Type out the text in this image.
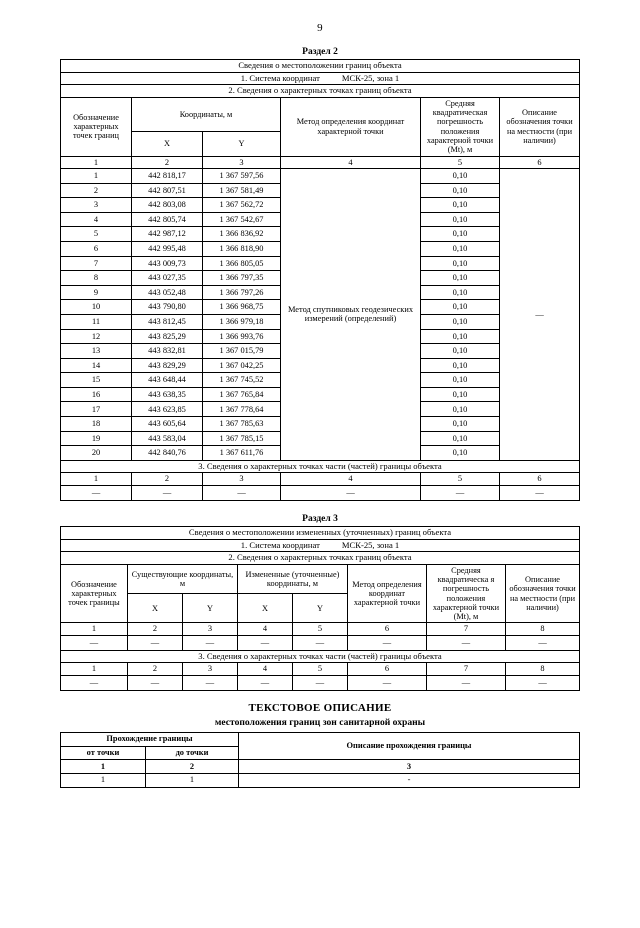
9
Раздел 2
Сведения о местоположении границ объекта					
1. Система координат МСК-25, зона 1					
2. Сведения о характерных точках границ объекта					
Обозначение характерных точек границ	Координаты, м		Метод определения координат характерной точки	Средняя квадратическая погрешность положения характерной точки (Мt), м	Описание обозначения точки на местности (при наличии)
	X	Y			
1	2	3	4	5	6
1	442 818,17	1 367 597,56	Метод спутниковых геодезических измерений (определений)	0,10	—
2	442 807,51	1 367 581,49		0,10	
3	442 803,08	1 367 562,72		0,10	
4	442 805,74	1 367 542,67		0,10	
5	442 987,12	1 366 836,92		0,10	
6	442 995,48	1 366 818,90		0,10	
7	443 009,73	1 366 805,05		0,10	
8	443 027,35	1 366 797,35		0,10	
9	443 052,48	1 366 797,26		0,10	
10	443 790,80	1 366 968,75		0,10	
11	443 812,45	1 366 979,18		0,10	
12	443 825,29	1 366 993,76		0,10	
13	443 832,81	1 367 015,79		0,10	
14	443 829,29	1 367 042,25		0,10	
15	443 648,44	1 367 745,52		0,10	
16	443 638,35	1 367 765,84		0,10	
17	443 623,85	1 367 778,64		0,10	
18	443 605,64	1 367 785,63		0,10	
19	443 583,04	1 367 785,15		0,10	
20	442 840,76	1 367 611,76		0,10	
3. Сведения о характерных точках части (частей) границы объекта					
1	2	3	4	5	6
—	—	—	—	—	—
Раздел 3
Сведения о местоположении измененных (уточненных) границ объекта							
1. Система координат МСК-25, зона 1							
2. Сведения о характерных точках границ объекта							
Обозначение характерных точек границы	Существующие координаты, м		Измененные (уточненные) координаты, м		Метод определения координат характерной точки	Средняя квадратическа я погрешность положения характерной точки (Мt), м	Описание обозначения точки на местности (при наличии)
	X	Y	X	Y			
1	2	3	4	5	6	7	8
—	—	—	—	—	—	—	—
3. Сведения о характерных точках части (частей) границы объекта							
1	2	3	4	5	6	7	8
—	—	—	—	—	—	—	—
ТЕКСТОВОЕ ОПИСАНИЕ
местоположения границ зон санитарной охраны
Прохождение границы		Описание прохождения границы
от точки	до точки	
1	2	3
1	1	-
